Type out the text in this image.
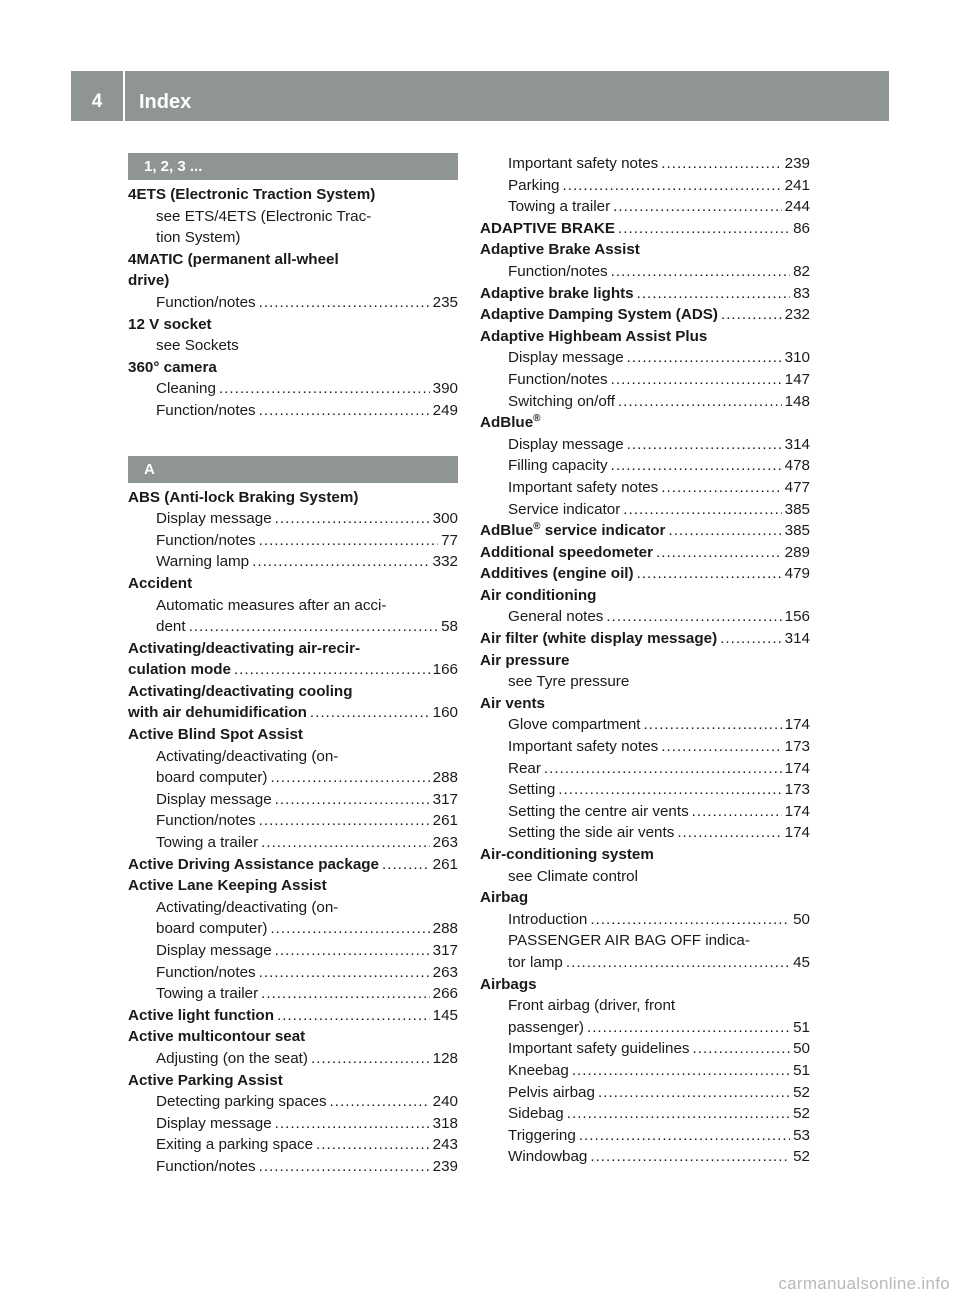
4	Index
1, 2, 3 ...
4ETS (Electronic Traction System)
see ETS/4ETS (Electronic Trac-
tion System)
4MATIC (permanent all-wheel
drive)
Function/notes .....	235
12 V socket
see Sockets
360° camera
Cleaning .....	390
Function/notes .....	249
A
ABS (Anti-lock Braking System)
Display message .....	300
Function/notes .....	77
Warning lamp .....	332
Accident
Automatic measures after an acci-
dent .....	58
Activating/deactivating air-recir-
culation mode .....	166
Activating/deactivating cooling
with air dehumidification .....	160
Active Blind Spot Assist
Activating/deactivating (on-
board computer) .....	288
Display message .....	317
Function/notes .....	261
Towing a trailer .....	263
Active Driving Assistance package .....	261
Active Lane Keeping Assist
Activating/deactivating (on-
board computer) .....	288
Display message .....	317
Function/notes .....	263
Towing a trailer .....	266
Active light function .....	145
Active multicontour seat
Adjusting (on the seat) .....	128
Active Parking Assist
Detecting parking spaces .....	240
Display message .....	318
Exiting a parking space .....	243
Function/notes .....	239
Important safety notes .....	239
Parking .....	241
Towing a trailer .....	244
ADAPTIVE BRAKE .....	86
Adaptive Brake Assist
Function/notes .....	82
Adaptive brake lights .....	83
Adaptive Damping System (ADS) .....	232
Adaptive Highbeam Assist Plus
Display message .....	310
Function/notes .....	147
Switching on/off .....	148
AdBlue®
Display message .....	314
Filling capacity .....	478
Important safety notes .....	477
Service indicator .....	385
AdBlue® service indicator .....	385
Additional speedometer .....	289
Additives (engine oil) .....	479
Air conditioning
General notes .....	156
Air filter (white display message) .....	314
Air pressure
see Tyre pressure
Air vents
Glove compartment .....	174
Important safety notes .....	173
Rear .....	174
Setting .....	173
Setting the centre air vents .....	174
Setting the side air vents .....	174
Air-conditioning system
see Climate control
Airbag
Introduction .....	50
PASSENGER AIR BAG OFF indica-
tor lamp .....	45
Airbags
Front airbag (driver, front
passenger) .....	51
Important safety guidelines .....	50
Kneebag .....	51
Pelvis airbag .....	52
Sidebag .....	52
Triggering .....	53
Windowbag .....	52
carmanualsonline.info
